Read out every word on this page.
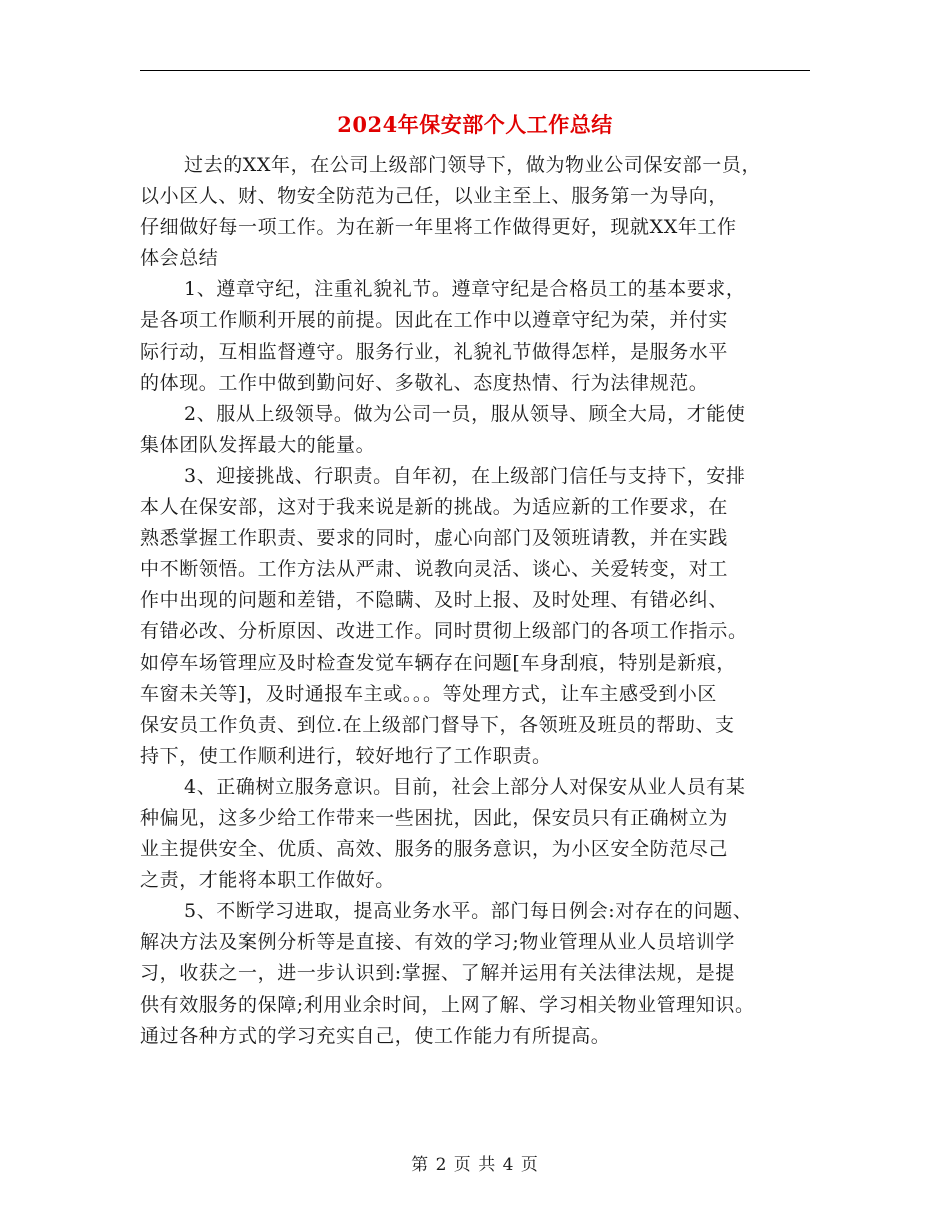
2024年保安部个人工作总结
过去的XX年，在公司上级部门领导下，做为物业公司保安部一员，
以小区人、财、物安全防范为己任，以业主至上、服务第一为导向，
仔细做好每一项工作。为在新一年里将工作做得更好，现就XX年工作
体会总结
1、遵章守纪，注重礼貌礼节。遵章守纪是合格员工的基本要求，
是各项工作顺利开展的前提。因此在工作中以遵章守纪为荣，并付实
际行动，互相监督遵守。服务行业，礼貌礼节做得怎样，是服务水平
的体现。工作中做到勤问好、多敬礼、态度热情、行为法律规范。
2、服从上级领导。做为公司一员，服从领导、顾全大局，才能使
集体团队发挥最大的能量。
3、迎接挑战、行职责。自年初，在上级部门信任与支持下，安排
本人在保安部，这对于我来说是新的挑战。为适应新的工作要求，在
熟悉掌握工作职责、要求的同时，虚心向部门及领班请教，并在实践
中不断领悟。工作方法从严肃、说教向灵活、谈心、关爱转变，对工
作中出现的问题和差错，不隐瞒、及时上报、及时处理、有错必纠、
有错必改、分析原因、改进工作。同时贯彻上级部门的各项工作指示。
如停车场管理应及时检查发觉车辆存在问题[车身刮痕，特别是新痕，
车窗未关等]，及时通报车主或。。。等处理方式，让车主感受到小区
保安员工作负责、到位.在上级部门督导下，各领班及班员的帮助、支
持下，使工作顺利进行，较好地行了工作职责。
4、正确树立服务意识。目前，社会上部分人对保安从业人员有某
种偏见，这多少给工作带来一些困扰，因此，保安员只有正确树立为
业主提供安全、优质、高效、服务的服务意识，为小区安全防范尽己
之责，才能将本职工作做好。
5、不断学习进取，提高业务水平。部门每日例会:对存在的问题、
解决方法及案例分析等是直接、有效的学习;物业管理从业人员培训学
习，收获之一，进一步认识到:掌握、了解并运用有关法律法规，是提
供有效服务的保障;利用业余时间，上网了解、学习相关物业管理知识。
通过各种方式的学习充实自己，使工作能力有所提高。
第 2 页 共 4 页
